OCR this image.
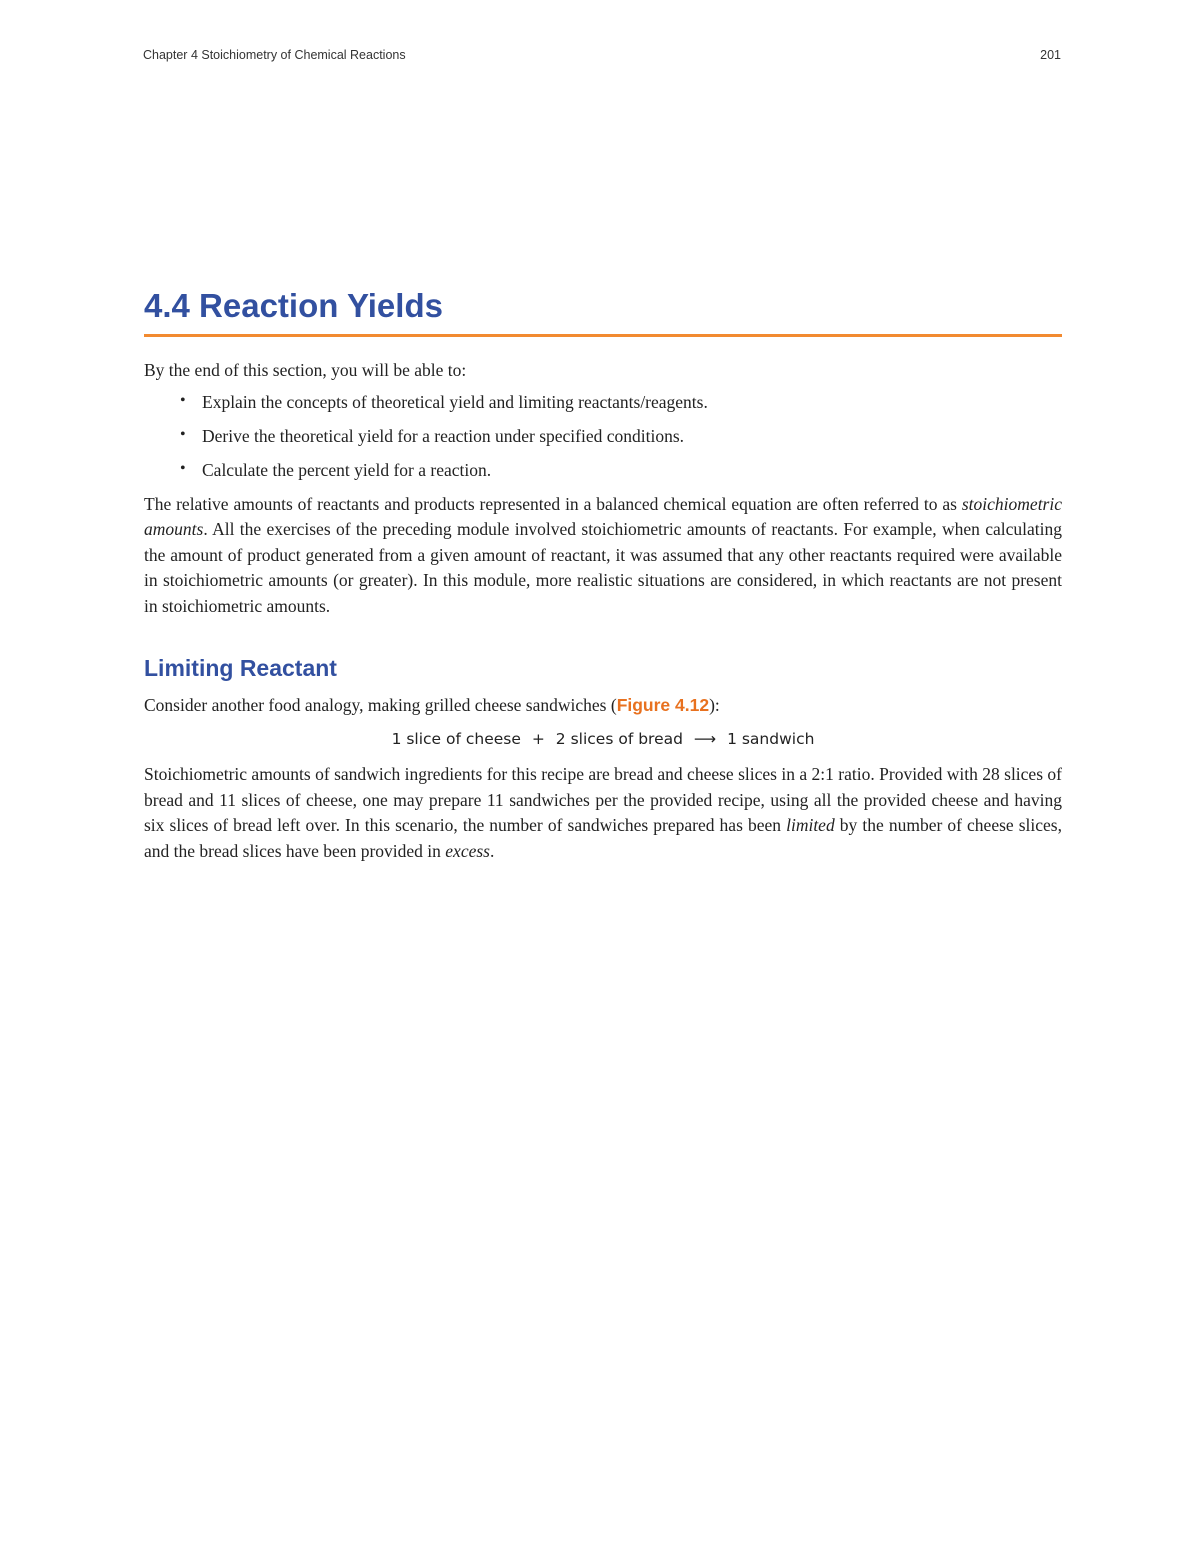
Chapter 4 Stoichiometry of Chemical Reactions	201
4.4 Reaction Yields

By the end of this section, you will be able to:

• Explain the concepts of theoretical yield and limiting reactants/reagents.
• Derive the theoretical yield for a reaction under specified conditions.
• Calculate the percent yield for a reaction.

The relative amounts of reactants and products represented in a balanced chemical equation are often referred to as stoichiometric amounts. All the exercises of the preceding module involved stoichiometric amounts of reactants. For example, when calculating the amount of product generated from a given amount of reactant, it was assumed that any other reactants required were available in stoichiometric amounts (or greater). In this module, more realistic situations are considered, in which reactants are not present in stoichiometric amounts.

Limiting Reactant

Consider another food analogy, making grilled cheese sandwiches (Figure 4.12):

1 slice of cheese + 2 slices of bread ⟶ 1 sandwich

Stoichiometric amounts of sandwich ingredients for this recipe are bread and cheese slices in a 2:1 ratio. Provided with 28 slices of bread and 11 slices of cheese, one may prepare 11 sandwiches per the provided recipe, using all the provided cheese and having six slices of bread left over. In this scenario, the number of sandwiches prepared has been limited by the number of cheese slices, and the bread slices have been provided in excess.
